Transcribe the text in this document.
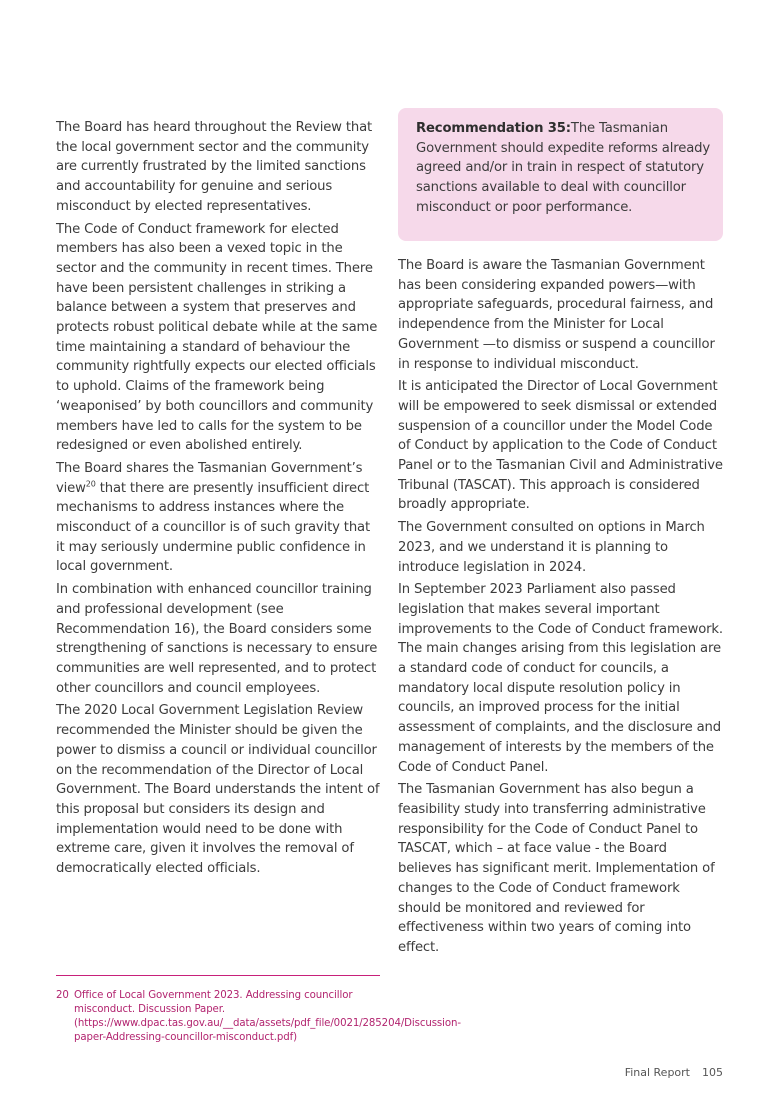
The Board has heard throughout the Review that the local government sector and the community are currently frustrated by the limited sanctions and accountability for genuine and serious misconduct by elected representatives.

The Code of Conduct framework for elected members has also been a vexed topic in the sector and the community in recent times. There have been persistent challenges in striking a balance between a system that preserves and protects robust political debate while at the same time maintaining a standard of behaviour the community rightfully expects our elected officials to uphold. Claims of the framework being ‘weaponised’ by both councillors and community members have led to calls for the system to be redesigned or even abolished entirely.

The Board shares the Tasmanian Government’s view$^{20}$ that there are presently insufficient direct mechanisms to address instances where the misconduct of a councillor is of such gravity that it may seriously undermine public confidence in local government.

In combination with enhanced councillor training and professional development (see Recommendation 16), the Board considers some strengthening of sanctions is necessary to ensure communities are well represented, and to protect other councillors and council employees.

The 2020 Local Government Legislation Review recommended the Minister should be given the power to dismiss a council or individual councillor on the recommendation of the Director of Local Government. The Board understands the intent of this proposal but considers its design and implementation would need to be done with extreme care, given it involves the removal of democratically elected officials.

Recommendation 35:The Tasmanian Government should expedite reforms already agreed and/or in train in respect of statutory sanctions available to deal with councillor misconduct or poor performance.

The Board is aware the Tasmanian Government has been considering expanded powers—with appropriate safeguards, procedural fairness, and independence from the Minister for Local Government —to dismiss or suspend a councillor in response to individual misconduct.

It is anticipated the Director of Local Government will be empowered to seek dismissal or extended suspension of a councillor under the Model Code of Conduct by application to the Code of Conduct Panel or to the Tasmanian Civil and Administrative Tribunal (TASCAT). This approach is considered broadly appropriate.

The Government consulted on options in March 2023, and we understand it is planning to introduce legislation in 2024.

In September 2023 Parliament also passed legislation that makes several important improvements to the Code of Conduct framework. The main changes arising from this legislation are a standard code of conduct for councils, a mandatory local dispute resolution policy in councils, an improved process for the initial assessment of complaints, and the disclosure and management of interests by the members of the Code of Conduct Panel.

The Tasmanian Government has also begun a feasibility study into transferring administrative responsibility for the Code of Conduct Panel to TASCAT, which – at face value - the Board believes has significant merit. Implementation of changes to the Code of Conduct framework should be monitored and reviewed for effectiveness within two years of coming into effect.

20 Office of Local Government 2023. Addressing councillor misconduct. Discussion Paper. (https://www.dpac.tas.gov.au/__data/assets/pdf_file/0021/285204/Discussion-paper-Addressing-councillor-misconduct.pdf)
Final Report 105
